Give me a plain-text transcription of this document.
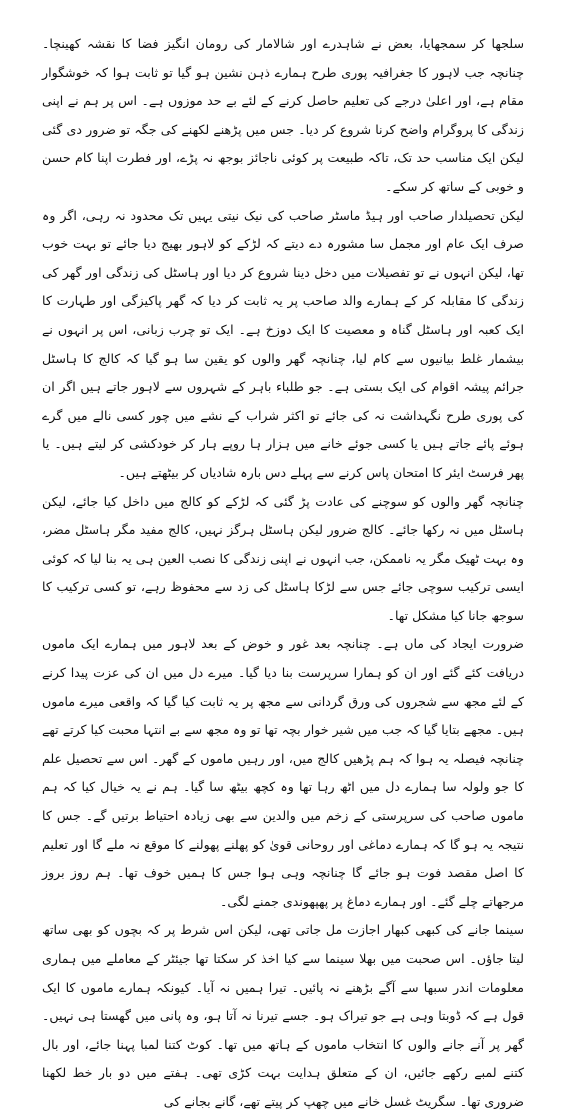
سلجھا کر سمجھایا، بعض نے شاہدرے اور شالامار کی رومان انگیز فضا کا نقشہ کھینچا۔ چنانچہ جب لاہور کا جغرافیہ پوری طرح ہمارے ذہن نشین ہو گیا تو ثابت ہوا کہ خوشگوار مقام ہے، اور اعلیٰ درجے کی تعلیم حاصل کرنے کے لئے بے حد موزوں ہے۔ اس پر ہم نے اپنی زندگی کا پروگرام واضح کرنا شروع کر دیا۔ جس میں پڑھنے لکھنے کی جگہ تو ضرور دی گئی لیکن ایک مناسب حد تک، تاکہ طبیعت پر کوئی ناجائز بوجھ نہ پڑے، اور فطرت اپنا کام حسن و خوبی کے ساتھ کر سکے۔

لیکن تحصیلدار صاحب اور ہیڈ ماسٹر صاحب کی نیک نیتی یہیں تک محدود نہ رہی، اگر وہ صرف ایک عام اور مجمل سا مشورہ دے دیتے کہ لڑکے کو لاہور بھیج دیا جائے تو بہت خوب تھا، لیکن انہوں نے تو تفصیلات میں دخل دینا شروع کر دیا اور ہاسٹل کی زندگی اور گھر کی زندگی کا مقابلہ کر کے ہمارے والد صاحب پر یہ ثابت کر دیا کہ گھر پاکیزگی اور طہارت کا ایک کعبہ اور ہاسٹل گناہ و معصیت کا ایک دوزخ ہے۔ ایک تو چرب زبانی، اس پر انہوں نے بیشمار غلط بیانیوں سے کام لیا، چنانچہ گھر والوں کو یقین سا ہو گیا کہ کالج کا ہاسٹل جرائم پیشہ اقوام کی ایک بستی ہے۔ جو طلباء باہر کے شہروں سے لاہور جاتے ہیں اگر ان کی پوری طرح نگہداشت نہ کی جائے تو اکثر شراب کے نشے میں چور کسی نالے میں گرے ہوئے پائے جاتے ہیں یا کسی جوئے خانے میں ہزار ہا روپے ہار کر خودکشی کر لیتے ہیں۔ یا پھر فرسٹ ایئر کا امتحان پاس کرنے سے پہلے دس بارہ شادیاں کر بیٹھتے ہیں۔

چنانچہ گھر والوں کو سوچنے کی عادت پڑ گئی کہ لڑکے کو کالج میں داخل کیا جائے، لیکن ہاسٹل میں نہ رکھا جائے۔ کالج ضرور لیکن ہاسٹل ہرگز نہیں، کالج مفید مگر ہاسٹل مضر، وہ بہت ٹھیک مگر یہ ناممکن، جب انہوں نے اپنی زندگی کا نصب العین ہی یہ بنا لیا کہ کوئی ایسی ترکیب سوچی جائے جس سے لڑکا ہاسٹل کی زد سے محفوظ رہے، تو کسی ترکیب کا سوجھ جانا کیا مشکل تھا۔

ضرورت ایجاد کی ماں ہے۔ چنانچہ بعد غور و خوض کے بعد لاہور میں ہمارے ایک ماموں دریافت کئے گئے اور ان کو ہمارا سرپرست بنا دیا گیا۔ میرے دل میں ان کی عزت پیدا کرنے کے لئے مجھ سے شجروں کی ورق گردانی سے مجھ پر یہ ثابت کیا گیا کہ واقعی میرے ماموں ہیں۔ مجھے بتایا گیا کہ جب میں شیر خوار بچہ تھا تو وہ مجھ سے بے انتہا محبت کیا کرتے تھے چنانچہ فیصلہ یہ ہوا کہ ہم پڑھیں کالج میں، اور رہیں ماموں کے گھر۔ اس سے تحصیل علم کا جو ولولہ سا ہمارے دل میں اٹھ رہا تھا وہ کچھ بیٹھ سا گیا۔ ہم نے یہ خیال کیا کہ ہم ماموں صاحب کی سرپرستی کے زخم میں والدین سے بھی زیادہ احتیاط برتیں گے۔ جس کا نتیجہ یہ ہو گا کہ ہمارے دماغی اور روحانی قویٰ کو پھلنے پھولنے کا موقع نہ ملے گا اور تعلیم کا اصل مقصد فوت ہو جائے گا چنانچہ وہی ہوا جس کا ہمیں خوف تھا۔ ہم روز بروز مرجھاتے چلے گئے۔ اور ہمارے دماغ پر پھپھوندی جمنے لگی۔

سینما جانے کی کبھی کبھار اجازت مل جاتی تھی، لیکن اس شرط پر کہ بچوں کو بھی ساتھ لیتا جاؤں۔ اس صحبت میں بھلا سینما سے کیا اخذ کر سکتا تھا جیئٹر کے معاملے میں ہماری معلومات اندر سبھا سے آگے بڑھنے نہ پائیں۔ تیرا ہمیں نہ آیا۔ کیونکہ ہمارے ماموں کا ایک قول ہے کہ ڈوبتا وہی ہے جو تیراک ہو۔ جسے تیرنا نہ آتا ہو، وہ پانی میں گھستا ہی نہیں۔ گھر پر آنے جانے والوں کا انتخاب ماموں کے ہاتھ میں تھا۔ کوٹ کتنا لمبا پہنا جائے، اور بال کتنے لمبے رکھے جائیں، ان کے متعلق ہدایت بہت کڑی تھی۔ ہفتے میں دو بار خط لکھنا ضروری تھا۔ سگریٹ غسل خانے میں چھپ کر پیتے تھے، گانے بجانے کی
